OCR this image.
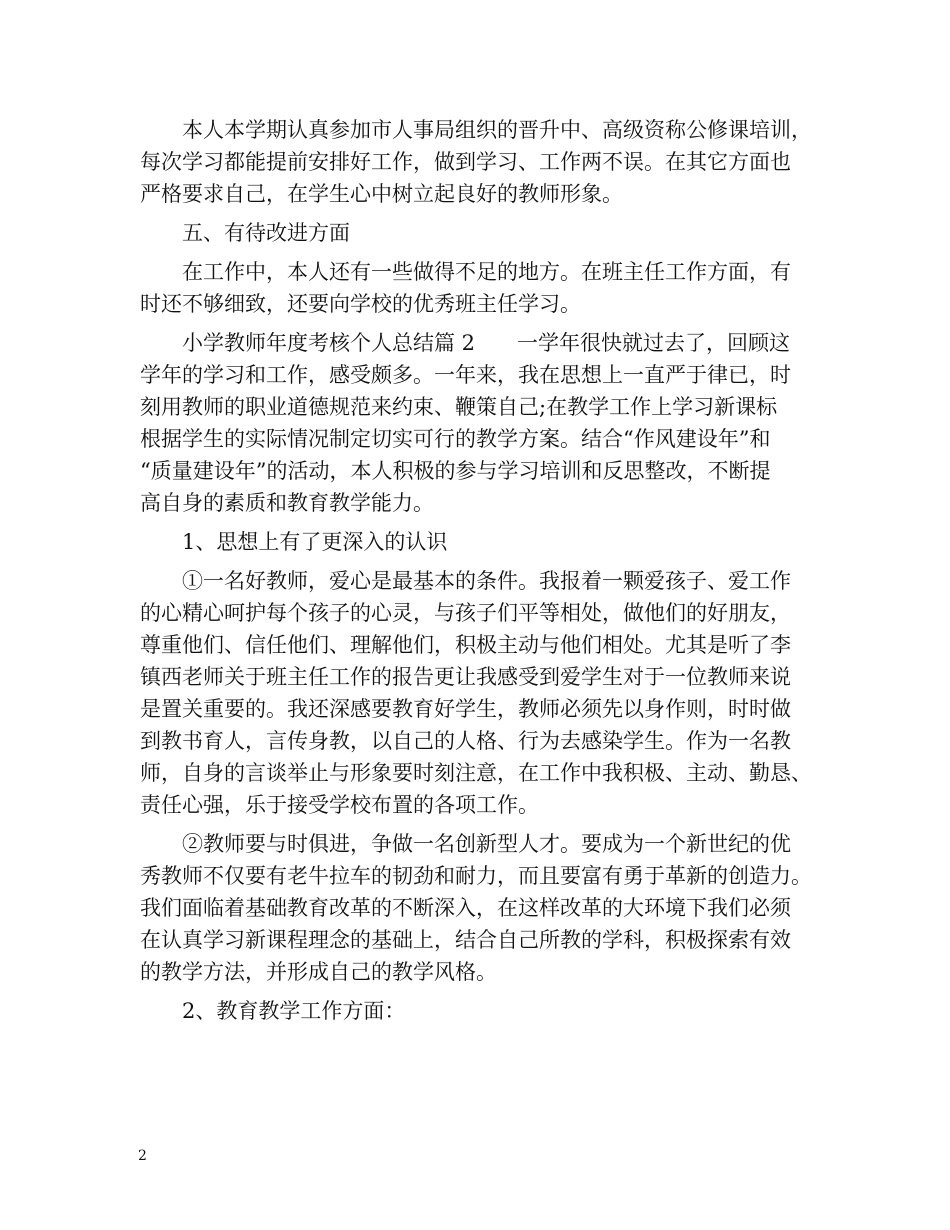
本人本学期认真参加市人事局组织的晋升中、高级资称公修课培训，
每次学习都能提前安排好工作，做到学习、工作两不误。在其它方面也
严格要求自己，在学生心中树立起良好的教师形象。
五、有待改进方面
在工作中，本人还有一些做得不足的地方。在班主任工作方面，有
时还不够细致，还要向学校的优秀班主任学习。
小学教师年度考核个人总结篇 2　　一学年很快就过去了，回顾这
学年的学习和工作，感受颇多。一年来，我在思想上一直严于律已，时
刻用教师的职业道德规范来约束、鞭策自己;在教学工作上学习新课标
根据学生的实际情况制定切实可行的教学方案。结合“作风建设年”和
“质量建设年”的活动，本人积极的参与学习培训和反思整改，不断提
高自身的素质和教育教学能力。
1、思想上有了更深入的认识
①一名好教师，爱心是最基本的条件。我报着一颗爱孩子、爱工作
的心精心呵护每个孩子的心灵，与孩子们平等相处，做他们的好朋友，
尊重他们、信任他们、理解他们，积极主动与他们相处。尤其是听了李
镇西老师关于班主任工作的报告更让我感受到爱学生对于一位教师来说
是置关重要的。我还深感要教育好学生，教师必须先以身作则，时时做
到教书育人，言传身教，以自己的人格、行为去感染学生。作为一名教
师，自身的言谈举止与形象要时刻注意，在工作中我积极、主动、勤恳、
责任心强，乐于接受学校布置的各项工作。
②教师要与时俱进，争做一名创新型人才。要成为一个新世纪的优
秀教师不仅要有老牛拉车的韧劲和耐力，而且要富有勇于革新的创造力。
我们面临着基础教育改革的不断深入，在这样改革的大环境下我们必须
在认真学习新课程理念的基础上，结合自己所教的学科，积极探索有效
的教学方法，并形成自己的教学风格。
2、教育教学工作方面：
2
